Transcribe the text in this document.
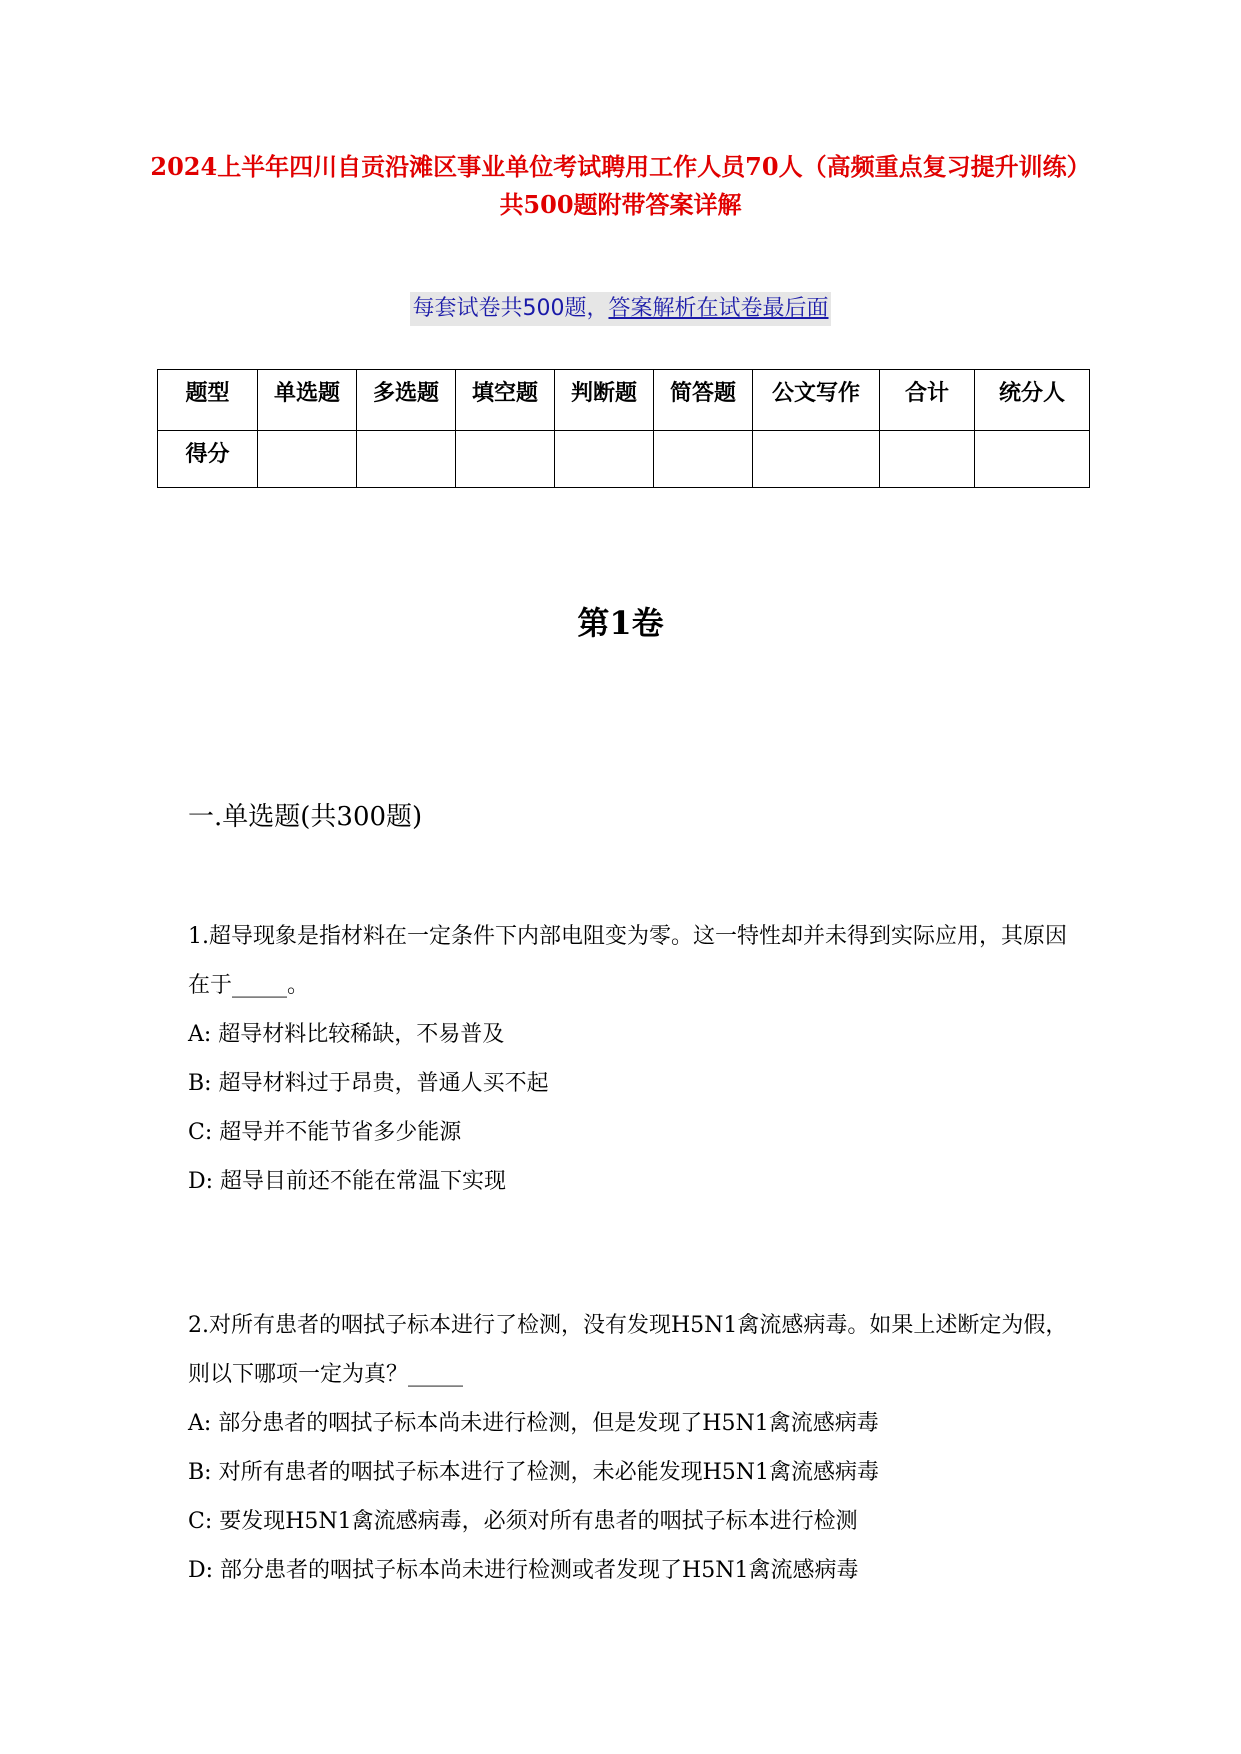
2024上半年四川自贡沿滩区事业单位考试聘用工作人员70人（高频重点复习提升训练）共500题附带答案详解
每套试卷共500题，答案解析在试卷最后面
题型	单选题	多选题	填空题	判断题	简答题	公文写作	合计	统分人
得分								
第1卷
一.单选题(共300题)
1.超导现象是指材料在一定条件下内部电阻变为零。这一特性却并未得到实际应用，其原因在于_____。
A: 超导材料比较稀缺，不易普及
B: 超导材料过于昂贵，普通人买不起
C: 超导并不能节省多少能源
D: 超导目前还不能在常温下实现
2.对所有患者的咽拭子标本进行了检测，没有发现H5N1禽流感病毒。如果上述断定为假，则以下哪项一定为真？_____
A: 部分患者的咽拭子标本尚未进行检测，但是发现了H5N1禽流感病毒
B: 对所有患者的咽拭子标本进行了检测，未必能发现H5N1禽流感病毒
C: 要发现H5N1禽流感病毒，必须对所有患者的咽拭子标本进行检测
D: 部分患者的咽拭子标本尚未进行检测或者发现了H5N1禽流感病毒
